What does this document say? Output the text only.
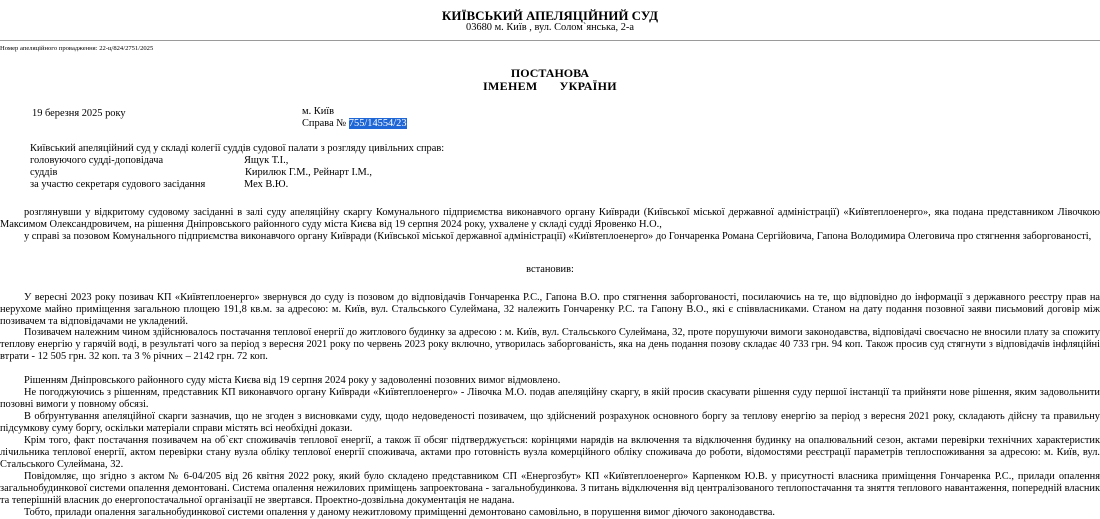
КИЇВСЬКИЙ АПЕЛЯЦІЙНИЙ СУД
03680 м. Київ , вул. Солом`янська, 2-а
Номер апеляційного провадження: 22-ц/824/2751/2025
ПОСТАНОВА
ІМЕНЕМ УКРАЇНИ
19 березня 2025 року	м. Київ
Справа № 755/14554/23
Київський апеляційний суд у складі колегії суддів судової палати з розгляду цивільних справ:
головуючого судді-доповідача	Ящук Т.І.,
суддів	Кирилюк Г.М., Рейнарт І.М.,
за участю секретаря судового засідання	Мех В.Ю.
розглянувши у відкритому судовому засіданні в залі суду апеляційну скаргу Комунального підприємства виконавчого органу Київради (Київської міської державної адміністрації) «Київтеплоенерго», яка подана представником Лівочкою Максимом Олександровичем, на рішення Дніпровського районного суду міста Києва від 19 серпня 2024 року, ухвалене у складі судді Яровенко Н.О.,
у справі за позовом Комунального підприємства виконавчого органу Київради (Київської міської державної адміністрації) «Київтеплоенерго» до Гончаренка Романа Сергійовича, Гапона Володимира Олеговича про стягнення заборгованості,
встановив:
У вересні 2023 року позивач КП «Київтеплоенерго» звернувся до суду із позовом до відповідачів Гончаренка Р.С., Гапона В.О. про стягнення заборгованості, посилаючись на те, що відповідно до інформації з державного реєстру прав на нерухоме майно приміщення загальною площею 191,8 кв.м. за адресою: м. Київ, вул. Стальського Сулеймана, 32 належить Гончаренку Р.С. та Гапону В.О., які є співвласниками. Станом на дату подання позовної заяви письмовий договір між позивачем та відповідачами не укладений.
Позивачем належним чином здійснювалось постачання теплової енергії до житлового будинку за адресою : м. Київ, вул. Стальського Сулеймана, 32, проте порушуючи вимоги законодавства, відповідачі своєчасно не вносили плату за спожиту теплову енергію у гарячій воді, в результаті чого за період з вересня 2021 року по червень 2023 року включно, утворилась заборгованість, яка на день подання позову складає 40 733 грн. 94 коп. Також просив суд стягнути з відповідачів інфляційні втрати - 12 505 грн. 32 коп. та 3 % річних – 2142 грн. 72 коп.
Рішенням Дніпровського районного суду міста Києва від 19 серпня 2024 року у задоволенні позовних вимог відмовлено.
Не погоджуючись з рішенням, представник КП виконавчого органу Київради «Київтеплоенерго» - Лівочка М.О. подав апеляційну скаргу, в якій просив скасувати рішення суду першої інстанції та прийняти нове рішення, яким задовольнити позовні вимоги у повному обсязі.
В обґрунтування апеляційної скарги зазначив, що не згоден з висновками суду, щодо недоведеності позивачем, що здійснений розрахунок основного боргу за теплову енергію за період з вересня 2021 року, складають дійсну та правильну підсумкову суму боргу, оскільки матеріали справи містять всі необхідні докази.
Крім того, факт постачання позивачем на об`єкт споживачів теплової енергії, а також її обсяг підтверджується: корінцями нарядів на включення та відключення будинку на опалювальний сезон, актами перевірки технічних характеристик лічильника теплової енергії, актом перевірки стану вузла обліку теплової енергії споживача, актами про готовність вузла комерційного обліку споживача до роботи, відомостями реєстрації параметрів теплоспоживання за адресою: м. Київ, вул. Стальського Сулеймана, 32.
Повідомляє, що згідно з актом № 6-04/205 від 26 квітня 2022 року, який було складено представником СП «Енергозбут» КП «Київтеплоенерго» Карпенком Ю.В. у присутності власника приміщення Гончаренка Р.С., прилади опалення загальнобудинкової системи опалення демонтовані. Система опалення нежилових приміщень запроектована - загальнобудинкова. З питань відключення від централізованого теплопостачання та зняття теплового навантаження, попередній власник та теперішній власник до енергопостачальної організації не звертався. Проектно-дозвільна документація не надана.
Тобто, прилади опалення загальнобудинкової системи опалення у даному нежитловому приміщенні демонтовано самовільно, в порушення вимог діючого законодавства.
